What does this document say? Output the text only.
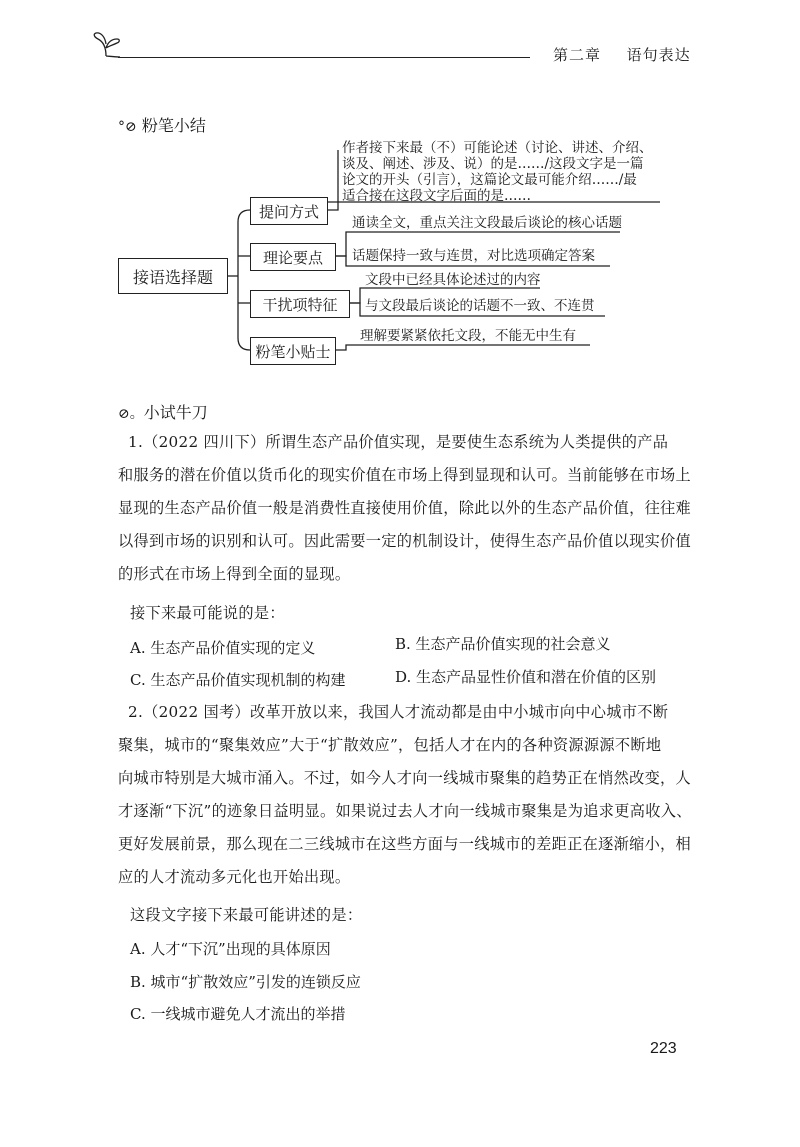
第二章 语句表达
°⊘ 粉笔小结
接语选择题
提问方式
理论要点
干扰项特征
粉笔小贴士
作者接下来最（不）可能论述（讨论、讲述、介绍、
谈及、阐述、涉及、说）的是……/这段文字是一篇
论文的开头（引言），这篇论文最可能介绍……/最
适合接在这段文字后面的是……
通读全文，重点关注文段最后谈论的核心话题
话题保持一致与连贯，对比选项确定答案
文段中已经具体论述过的内容
与文段最后谈论的话题不一致、不连贯
理解要紧紧依托文段，不能无中生有
⊘。小试牛刀
1.（2022 四川下）所谓生态产品价值实现，是要使生态系统为人类提供的产品
和服务的潜在价值以货币化的现实价值在市场上得到显现和认可。当前能够在市场上
显现的生态产品价值一般是消费性直接使用价值，除此以外的生态产品价值，往往难
以得到市场的识别和认可。因此需要一定的机制设计，使得生态产品价值以现实价值
的形式在市场上得到全面的显现。
接下来最可能说的是：
A. 生态产品价值实现的定义	B. 生态产品价值实现的社会意义
C. 生态产品价值实现机制的构建	D. 生态产品显性价值和潜在价值的区别
2.（2022 国考）改革开放以来，我国人才流动都是由中小城市向中心城市不断
聚集，城市的“聚集效应”大于“扩散效应”，包括人才在内的各种资源源源不断地
向城市特别是大城市涌入。不过，如今人才向一线城市聚集的趋势正在悄然改变，人
才逐渐“下沉”的迹象日益明显。如果说过去人才向一线城市聚集是为追求更高收入、
更好发展前景，那么现在二三线城市在这些方面与一线城市的差距正在逐渐缩小，相
应的人才流动多元化也开始出现。
这段文字接下来最可能讲述的是：
A. 人才“下沉”出现的具体原因
B. 城市“扩散效应”引发的连锁反应
C. 一线城市避免人才流出的举措
223
